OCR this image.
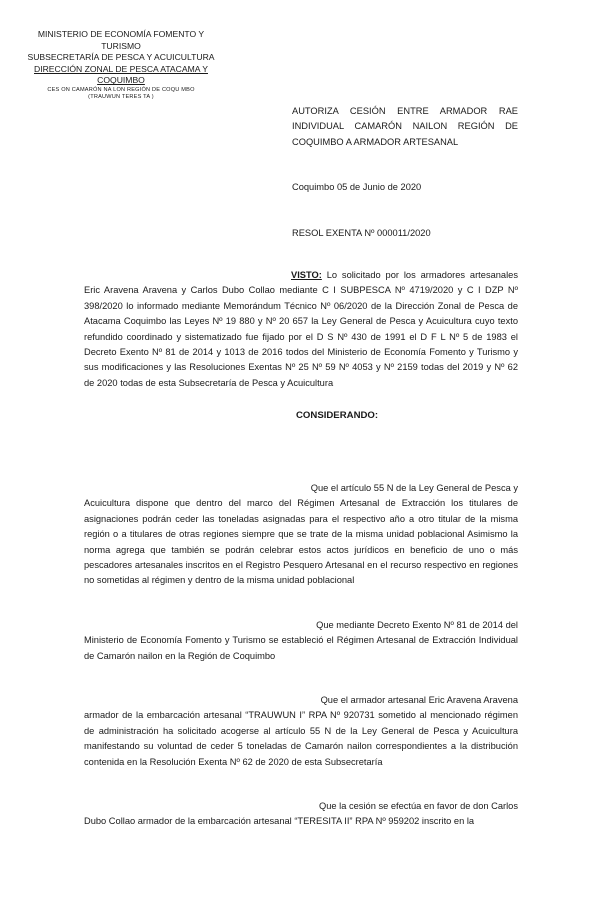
MINISTERIO DE ECONOMÍA FOMENTO Y TURISMO
SUBSECRETARÍA DE PESCA Y ACUICULTURA
DIRECCIÓN ZONAL DE PESCA ATACAMA Y
COQUIMBO
CES ON CAMARÓN NA LON REGIÓN DE COQU MBO
(TRAUWUN TERES TA )
AUTORIZA CESIÓN ENTRE ARMADOR RAE INDIVIDUAL CAMARÓN NAILON REGIÓN DE COQUIMBO A ARMADOR ARTESANAL
Coquimbo 05 de Junio de 2020
RESOL EXENTA Nº 000011/2020
VISTO: Lo solicitado por los armadores artesanales Eric Aravena Aravena y Carlos Dubo Collao mediante C I SUBPESCA Nº 4719/2020 y C I DZP Nº 398/2020 lo informado mediante Memorándum Técnico Nº 06/2020 de la Dirección Zonal de Pesca de Atacama Coquimbo las Leyes Nº 19 880 y Nº 20 657 la Ley General de Pesca y Acuicultura cuyo texto refundido coordinado y sistematizado fue fijado por el D S Nº 430 de 1991 el D F L Nº 5 de 1983 el Decreto Exento Nº 81 de 2014 y 1013 de 2016 todos del Ministerio de Economía Fomento y Turismo y sus modificaciones y las Resoluciones Exentas Nº 25 Nº 59 Nº 4053 y Nº 2159 todas del 2019 y Nº 62 de 2020 todas de esta Subsecretaría de Pesca y Acuicultura
CONSIDERANDO:
Que el artículo 55 N de la Ley General de Pesca y
Acuicultura dispone que dentro del marco del Régimen Artesanal de Extracción los titulares de asignaciones podrán ceder las toneladas asignadas para el respectivo año a otro titular de la misma región o a titulares de otras regiones siempre que se trate de la misma unidad poblacional Asimismo la norma agrega que también se podrán celebrar estos actos jurídicos en beneficio de uno o más pescadores artesanales inscritos en el Registro Pesquero Artesanal en el recurso respectivo en regiones no sometidas al régimen y dentro de la misma unidad poblacional
Que mediante Decreto Exento Nº 81 de 2014 del
Ministerio de Economía Fomento y Turismo se estableció el Régimen Artesanal de Extracción Individual de Camarón nailon en la Región de Coquimbo
Que el armador artesanal Eric Aravena Aravena
armador de la embarcación artesanal “TRAUWUN I” RPA Nº 920731 sometido al mencionado régimen de administración ha solicitado acogerse al artículo 55 N de la Ley General de Pesca y Acuicultura manifestando su voluntad de ceder 5 toneladas de Camarón nailon correspondientes a la distribución contenida en la Resolución Exenta Nº 62 de 2020 de esta Subsecretaría
Que la cesión se efectúa en favor de don Carlos
Dubo Collao armador de la embarcación artesanal “TERESITA II” RPA Nº 959202 inscrito en la
